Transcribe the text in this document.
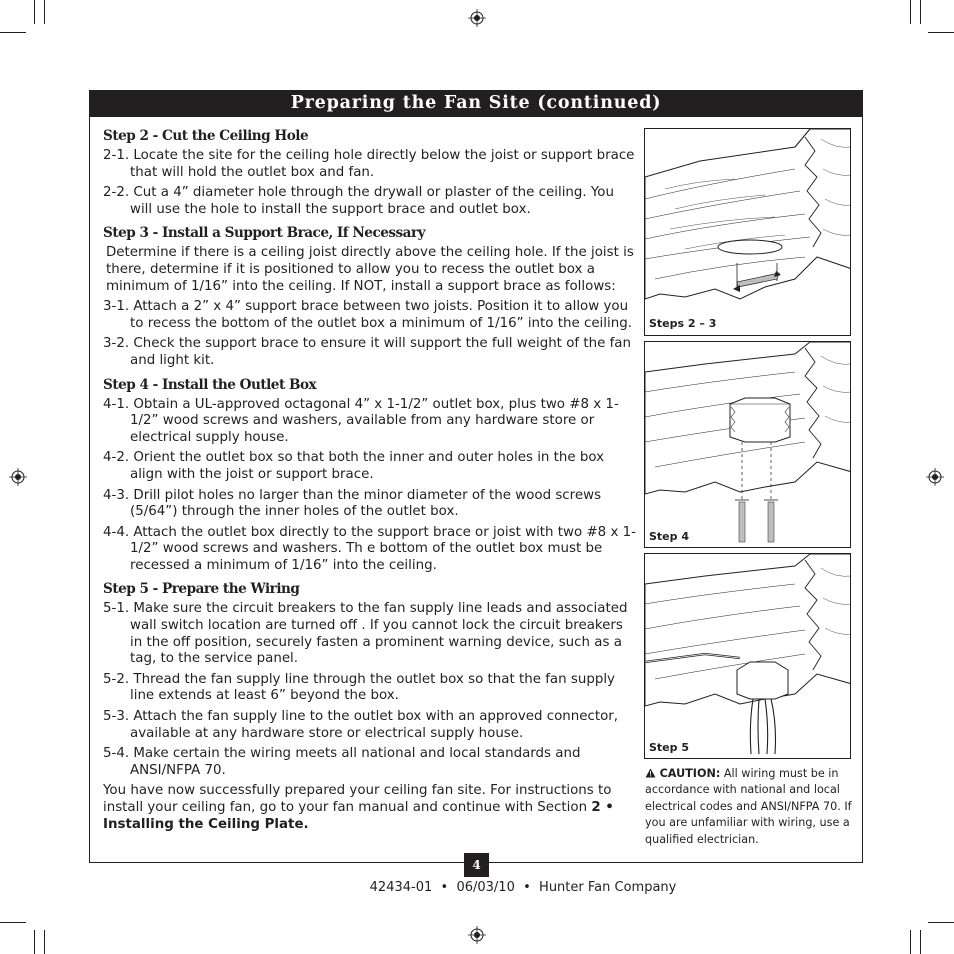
Preparing the Fan Site (continued)
Step 2 - Cut the Ceiling Hole
2-1. Locate the site for the ceiling hole directly below the joist or support brace that will hold the outlet box and fan.
2-2. Cut a 4” diameter hole through the drywall or plaster of the ceiling. You will use the hole to install the support brace and outlet box.
Step 3 - Install a Support Brace, If Necessary
Determine if there is a ceiling joist directly above the ceiling hole. If the joist is there, determine if it is positioned to allow you to recess the outlet box a minimum of 1/16” into the ceiling. If NOT, install a support brace as follows:
3-1. Attach a 2” x 4” support brace between two joists. Position it to allow you to recess the bottom of the outlet box a minimum of 1/16” into the ceiling.
3-2. Check the support brace to ensure it will support the full weight of the fan and light kit.
Step 4 - Install the Outlet Box
4-1. Obtain a UL-approved octagonal 4” x 1-1/2” outlet box, plus two #8 x 1-1/2” wood screws and washers, available from any hardware store or electrical supply house.
4-2. Orient the outlet box so that both the inner and outer holes in the box align with the joist or support brace.
4-3. Drill pilot holes no larger than the minor diameter of the wood screws (5/64”) through the inner holes of the outlet box.
4-4. Attach the outlet box directly to the support brace or joist with two #8 x 1-1/2” wood screws and washers. Th e bottom of the outlet box must be recessed a minimum of 1/16” into the ceiling.
Step 5 - Prepare the Wiring
5-1. Make sure the circuit breakers to the fan supply line leads and associated wall switch location are turned off . If you cannot lock the circuit breakers in the off position, securely fasten a prominent warning device, such as a tag, to the service panel.
5-2. Thread the fan supply line through the outlet box so that the fan supply line extends at least 6” beyond the box.
5-3. Attach the fan supply line to the outlet box with an approved connector, available at any hardware store or electrical supply house.
5-4. Make certain the wiring meets all national and local standards and ANSI/NFPA 70.
You have now successfully prepared your ceiling fan site. For instructions to install your ceiling fan, go to your fan manual and continue with Section 2 • Installing the Ceiling Plate.
Steps 2 – 3
Step 4
Step 5
CAUTION: All wiring must be in accordance with national and local electrical codes and ANSI/NFPA 70. If you are unfamiliar with wiring, use a qualified electrician.
4
42434-01 • 06/03/10 • Hunter Fan Company
